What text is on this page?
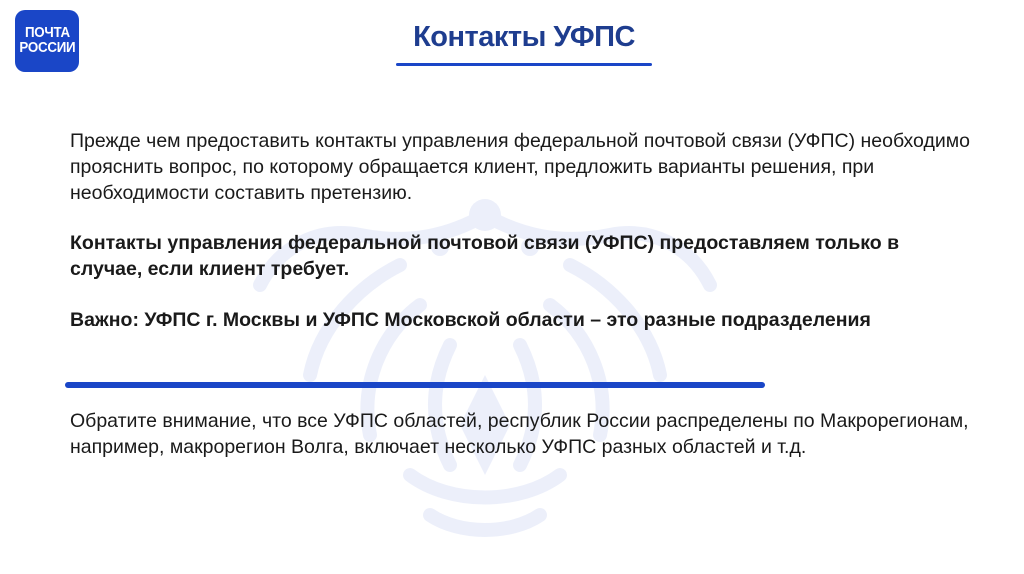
ПОЧТА
РОССИИ	Контакты УФПС

Прежде чем предоставить контакты управления федеральной почтовой связи (УФПС) необходимо прояснить вопрос, по которому обращается клиент, предложить варианты решения, при необходимости составить претензию.

Контакты управления федеральной почтовой связи (УФПС) предоставляем только в случае, если клиент требует.

Важно: УФПС г. Москвы и УФПС Московской области – это разные подразделения

Обратите внимание, что все УФПС областей, республик России распределены по Макрорегионам, например, макрорегион Волга, включает несколько УФПС разных областей и т.д.
